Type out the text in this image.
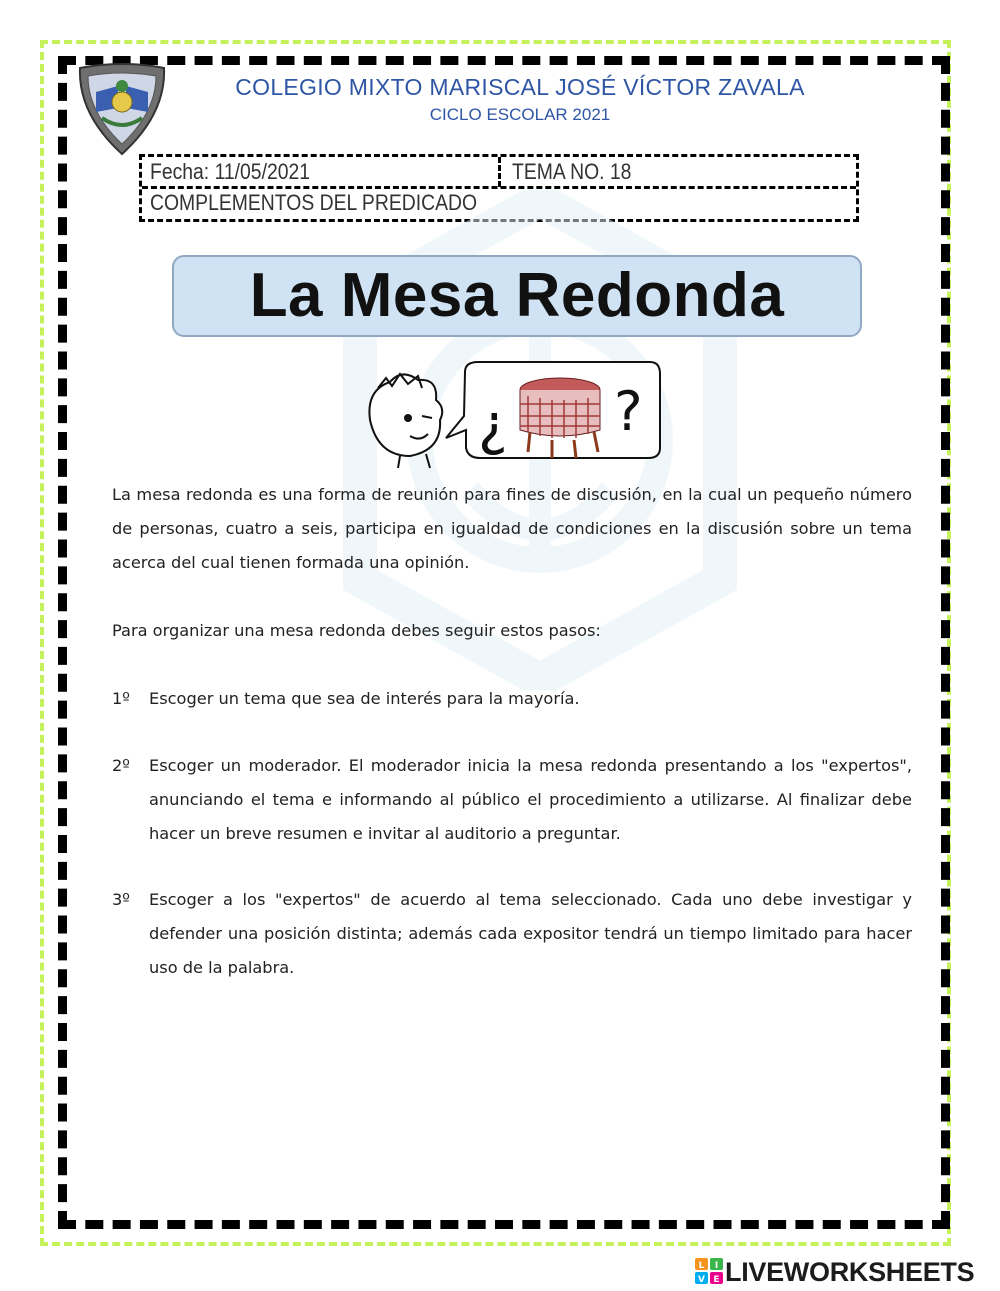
COLEGIO MIXTO MARISCAL JOSÉ VÍCTOR ZAVALA
CICLO ESCOLAR 2021
Fecha: 11/05/2021	TEMA NO. 18
COMPLEMENTOS DEL PREDICADO
La Mesa Redonda
¿ ?
La mesa redonda es una forma de reunión para fines de discusión, en la cual un pequeño número de personas, cuatro a seis, participa en igualdad de condiciones en la discusión sobre un tema acerca del cual tienen formada una opinión.
Para organizar una mesa redonda debes seguir estos pasos:
1º	Escoger un tema que sea de interés para la mayoría.
2º	Escoger un moderador. El moderador inicia la mesa redonda presentando a los "expertos", anunciando el tema e informando al público el procedimiento a utilizarse. Al finalizar debe hacer un breve resumen e invitar al auditorio a preguntar.
3º	Escoger a los "expertos" de acuerdo al tema seleccionado. Cada uno debe investigar y defender una posición distinta; además cada expositor tendrá un tiempo limitado para hacer uso de la palabra.
L I
V E LIVEWORKSHEETS
